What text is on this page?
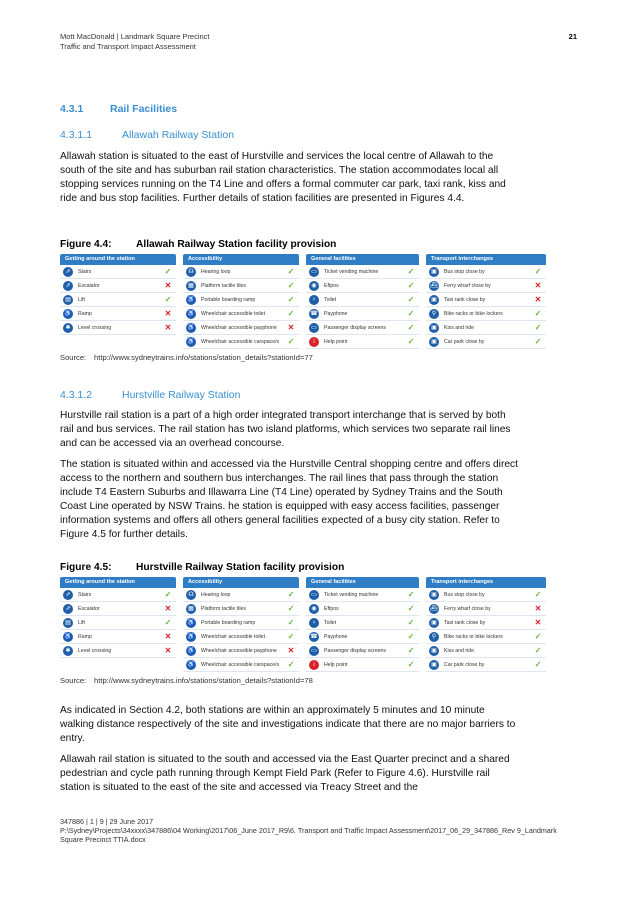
Mott MacDonald | Landmark Square Precinct
Traffic and Transport Impact Assessment
21
4.3.1	Rail Facilities
4.3.1.1	Allawah Railway Station
Allawah station is situated to the east of Hurstville and services the local centre of Allawah to the south of the site and has suburban rail station characteristics. The station accommodates local all stopping services running on the T4 Line and offers a formal commuter car park, taxi rank, kiss and ride and bus stop facilities. Further details of station facilities are presented in Figures 4.4.
Figure 4.4: Allawah Railway Station facility provision
Getting around the station
⇗	Stairs	✓
⇗	Escalator	✕
▤	Lift	✓
♿ Ramp	✕
✱	Level crossing	✕
Accessibility
☊	Hearing loop	✓
▦	Platform tactile tiles	✓
♿ Portable boarding ramp	✓
♿ Wheelchair accessible toilet	✓
♿ Wheelchair accessible payphone	✕
♿ Wheelchair accessible carspace/s	✓
General facilities
▭	Ticket vending machine	✓
◉	Eftpos	✓
♀	Toilet	✓
☎ Payphone	✓
▭	Passenger display screens	✓
i	Help point	✓
Transport interchanges
▣	Bus stop close by	✓
⛴ Ferry wharf close by	✕
▣	Taxi rank close by	✕
⚲	Bike racks or bike lockers	✓
▣	Kiss and ride	✓
▣	Car park close by	✓
Source: http://www.sydneytrains.info/stations/station_details?stationId=77
4.3.1.2	Hurstville Railway Station
Hurstville rail station is a part of a high order integrated transport interchange that is served by both rail and bus services. The rail station has two island platforms, which services two separate rail lines and can be accessed via an overhead concourse.
The station is situated within and accessed via the Hurstville Central shopping centre and offers direct access to the northern and southern bus interchanges. The rail lines that pass through the station include T4 Eastern Suburbs and Illawarra Line (T4 Line) operated by Sydney Trains and the South Coast Line operated by NSW Trains. he station is equipped with easy access facilities, passenger information systems and offers all others general facilities expected of a busy city station. Refer to Figure 4.5 for further details.
Figure 4.5: Hurstville Railway Station facility provision
Getting around the station
⇗	Stairs	✓
⇗	Escalator	✕
▤	Lift	✓
♿ Ramp	✕
✱	Level crossing	✕
Accessibility
☊	Hearing loop	✓
▦	Platform tactile tiles	✓
♿ Portable boarding ramp	✓
♿ Wheelchair accessible toilet	✓
♿ Wheelchair accessible payphone	✕
♿ Wheelchair accessible carspace/s	✓
General facilities
▭	Ticket vending machine	✓
◉	Eftpos	✓
♀	Toilet	✓
☎ Payphone	✓
▭	Passenger display screens	✓
i	Help point	✓
Transport interchanges
▣	Bus stop close by	✓
⛴ Ferry wharf close by	✕
▣	Taxi rank close by	✕
⚲	Bike racks or bike lockers	✓
▣	Kiss and ride	✓
▣	Car park close by	✓
Source: http://www.sydneytrains.info/stations/station_details?stationId=78
As indicated in Section 4.2, both stations are within an approximately 5 minutes and 10 minute walking distance respectively of the site and investigations indicate that there are no major barriers to entry.
Allawah rail station is situated to the south and accessed via the East Quarter precinct and a shared pedestrian and cycle path running through Kempt Field Park (Refer to Figure 4.6). Hurstville rail station is situated to the east of the site and accessed via Treacy Street and the
347886 | 1 | 9 | 29 June 2017
P:\Sydney\Projects\34xxxx\347886\04 Working\2017\06_June 2017_R9\6. Transport and Traffic Impact Assessment\2017_06_29_347886_Rev 9_Landmark Square Precinct TTIA.docx
